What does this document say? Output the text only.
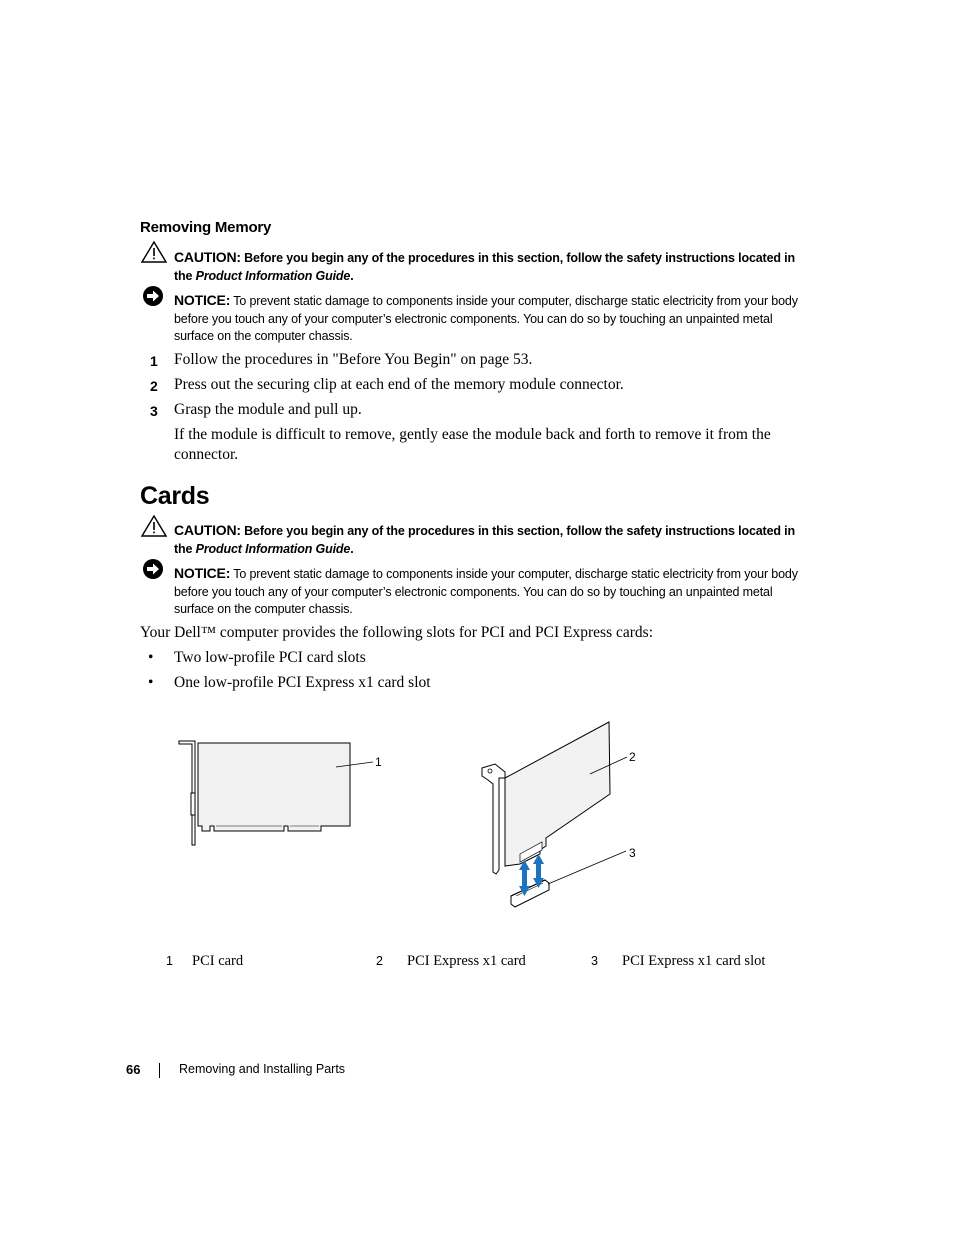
Removing Memory
CAUTION: Before you begin any of the procedures in this section, follow the safety instructions located in the Product Information Guide.
NOTICE: To prevent static damage to components inside your computer, discharge static electricity from your body before you touch any of your computer’s electronic components. You can do so by touching an unpainted metal surface on the computer chassis.
1 Follow the procedures in "Before You Begin" on page 53.
2 Press out the securing clip at each end of the memory module connector.
3 Grasp the module and pull up.
If the module is difficult to remove, gently ease the module back and forth to remove it from the connector.
Cards
CAUTION: Before you begin any of the procedures in this section, follow the safety instructions located in the Product Information Guide.
NOTICE: To prevent static damage to components inside your computer, discharge static electricity from your body before you touch any of your computer’s electronic components. You can do so by touching an unpainted metal surface on the computer chassis.
Your Dell™ computer provides the following slots for PCI and PCI Express cards:
• Two low-profile PCI card slots
• One low-profile PCI Express x1 card slot
1	2
3
1 PCI card	2 PCI Express x1 card	3 PCI Express x1 card slot
66	Removing and Installing Parts
